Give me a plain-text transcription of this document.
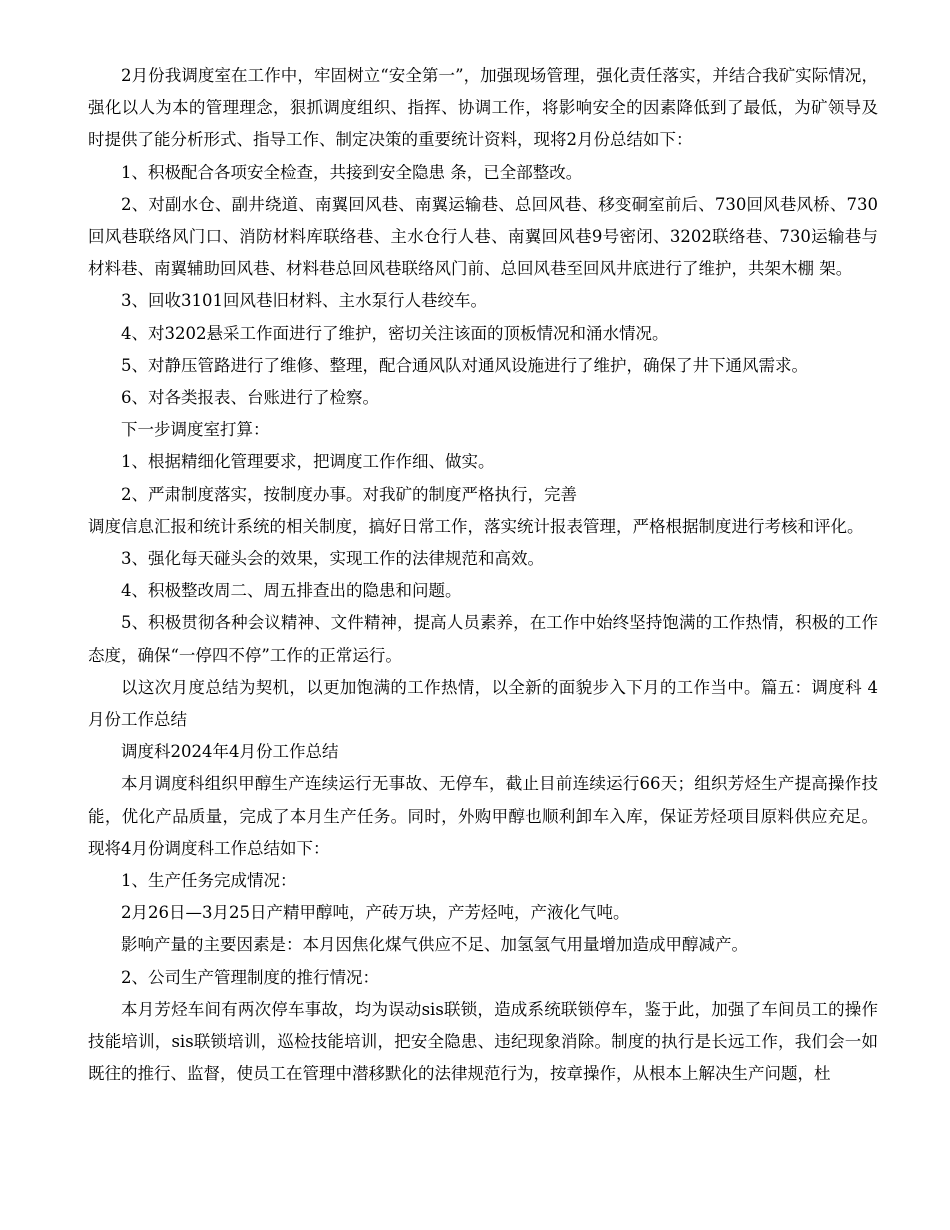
2月份我调度室在工作中，牢固树立“安全第一”，加强现场管理，强化责任落实，并结合我矿实际情况，强化以人为本的管理理念，狠抓调度组织、指挥、协调工作，将影响安全的因素降低到了最低，为矿领导及时提供了能分析形式、指导工作、制定决策的重要统计资料，现将2月份总结如下：

1、积极配合各项安全检查，共接到安全隐患 条，已全部整改。

2、对副水仓、副井绕道、南翼回风巷、南翼运输巷、总回风巷、移变硐室前后、730回风巷风桥、730回风巷联络风门口、消防材料库联络巷、主水仓行人巷、南翼回风巷9号密闭、3202联络巷、730运输巷与材料巷、南翼辅助回风巷、材料巷总回风巷联络风门前、总回风巷至回风井底进行了维护，共架木棚 架。

3、回收3101回风巷旧材料、主水泵行人巷绞车。

4、对3202悬采工作面进行了维护，密切关注该面的顶板情况和涌水情况。

5、对静压管路进行了维修、整理，配合通风队对通风设施进行了维护，确保了井下通风需求。

6、对各类报表、台账进行了检察。

下一步调度室打算：

1、根据精细化管理要求，把调度工作作细、做实。

2、严肃制度落实，按制度办事。对我矿的制度严格执行，完善

调度信息汇报和统计系统的相关制度，搞好日常工作，落实统计报表管理，严格根据制度进行考核和评化。

3、强化每天碰头会的效果，实现工作的法律规范和高效。

4、积极整改周二、周五排查出的隐患和问题。

5、积极贯彻各种会议精神、文件精神，提高人员素养，在工作中始终坚持饱满的工作热情，积极的工作态度，确保“一停四不停”工作的正常运行。

以这次月度总结为契机，以更加饱满的工作热情，以全新的面貌步入下月的工作当中。篇五：调度科 4月份工作总结

调度科2024年4月份工作总结

本月调度科组织甲醇生产连续运行无事故、无停车，截止目前连续运行66天；组织芳烃生产提高操作技能，优化产品质量，完成了本月生产任务。同时，外购甲醇也顺利卸车入库，保证芳烃项目原料供应充足。现将4月份调度科工作总结如下：

1、生产任务完成情况：

2月26日—3月25日产精甲醇吨，产砖万块，产芳烃吨，产液化气吨。

影响产量的主要因素是：本月因焦化煤气供应不足、加氢氢气用量增加造成甲醇减产。

2、公司生产管理制度的推行情况：

本月芳烃车间有两次停车事故，均为误动sis联锁，造成系统联锁停车，鉴于此，加强了车间员工的操作技能培训，sis联锁培训，巡检技能培训，把安全隐患、违纪现象消除。制度的执行是长远工作，我们会一如既往的推行、监督，使员工在管理中潜移默化的法律规范行为，按章操作，从根本上解决生产问题，杜
